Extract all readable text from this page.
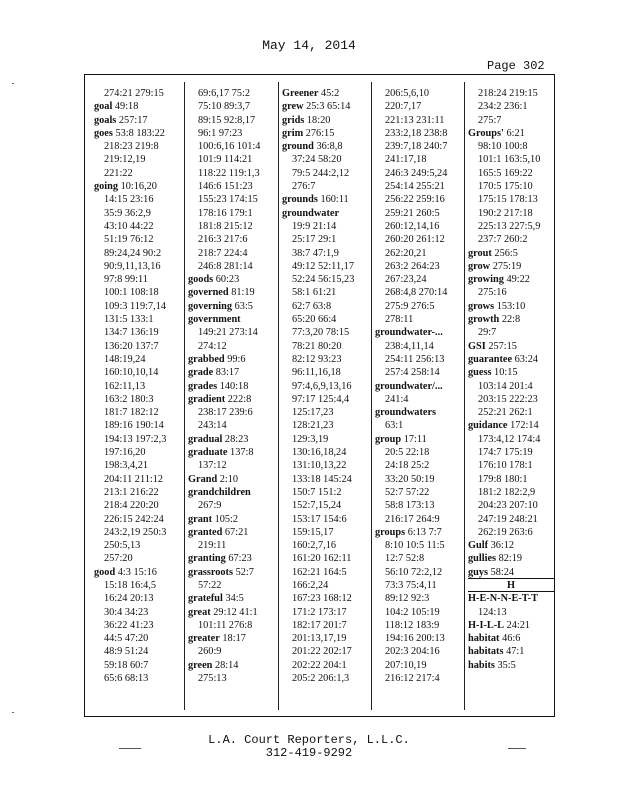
May 14, 2014
Page 302
274:21 279:15
goal 49:18
goals 257:17
goes 53:8 183:22
218:23 219:8
219:12,19
221:22
going 10:16,20
14:15 23:16
35:9 36:2,9
43:10 44:22
51:19 76:12
89:24,24 90:2
90:9,11,13,16
97:8 99:11
100:1 108:18
109:3 119:7,14
131:5 133:1
134:7 136:19
136:20 137:7
148:19,24
160:10,10,14
162:11,13
163:2 180:3
181:7 182:12
189:16 190:14
194:13 197:2,3
197:16,20
198:3,4,21
204:11 211:12
213:1 216:22
218:4 220:20
226:15 242:24
243:2,19 250:3
250:5,13
257:20
good 4:3 15:16
15:18 16:4,5
16:24 20:13
30:4 34:23
36:22 41:23
44:5 47:20
48:9 51:24
59:18 60:7
65:6 68:13
69:6,17 75:2
75:10 89:3,7
89:15 92:8,17
96:1 97:23
100:6,16 101:4
101:9 114:21
118:22 119:1,3
146:6 151:23
155:23 174:15
178:16 179:1
181:8 215:12
216:3 217:6
218:7 224:4
246:8 281:14
goods 60:23
governed 81:19
governing 63:5
government
149:21 273:14
274:12
grabbed 99:6
grade 83:17
grades 140:18
gradient 222:8
238:17 239:6
243:14
gradual 28:23
graduate 137:8
137:12
Grand 2:10
grandchildren
267:9
grant 105:2
granted 67:21
219:11
granting 67:23
grassroots 52:7
57:22
grateful 34:5
great 29:12 41:1
101:11 276:8
greater 18:17
260:9
green 28:14
275:13
Greener 45:2
grew 25:3 65:14
grids 18:20
grim 276:15
ground 36:8,8
37:24 58:20
79:5 244:2,12
276:7
grounds 160:11
groundwater
19:9 21:14
25:17 29:1
38:7 47:1,9
49:12 52:11,17
52:24 56:15,23
58:1 61:21
62:7 63:8
65:20 66:4
77:3,20 78:15
78:21 80:20
82:12 93:23
96:11,16,18
97:4,6,9,13,16
97:17 125:4,4
125:17,23
128:21,23
129:3,19
130:16,18,24
131:10,13,22
133:18 145:24
150:7 151:2
152:7,15,24
153:17 154:6
159:15,17
160:2,7,16
161:20 162:11
162:21 164:5
166:2,24
167:23 168:12
171:2 173:17
182:17 201:7
201:13,17,19
201:22 202:17
202:22 204:1
205:2 206:1,3
206:5,6,10
220:7,17
221:13 231:11
233:2,18 238:8
239:7,18 240:7
241:17,18
246:3 249:5,24
254:14 255:21
256:22 259:16
259:21 260:5
260:12,14,16
260:20 261:12
262:20,21
263:2 264:23
267:23,24
268:4,8 270:14
275:9 276:5
278:11
groundwater-...
238:4,11,14
254:11 256:13
257:4 258:14
groundwater/...
241:4
groundwaters
63:1
group 17:11
20:5 22:18
24:18 25:2
33:20 50:19
52:7 57:22
58:8 173:13
216:17 264:9
groups 6:13 7:7
8:10 10:5 11:5
12:7 52:8
56:10 72:2,12
73:3 75:4,11
89:12 92:3
104:2 105:19
118:12 183:9
194:16 200:13
202:3 204:16
207:10,19
216:12 217:4
218:24 219:15
234:2 236:1
275:7
Groups' 6:21
98:10 100:8
101:1 163:5,10
165:5 169:22
170:5 175:10
175:15 178:13
190:2 217:18
225:13 227:5,9
237:7 260:2
grout 256:5
grow 275:19
growing 49:22
275:16
grows 153:10
growth 22:8
29:7
GSI 257:15
guarantee 63:24
guess 10:15
103:14 201:4
203:15 222:23
252:21 262:1
guidance 172:14
173:4,12 174:4
174:7 175:19
176:10 178:1
179:8 180:1
181:2 182:2,9
204:23 207:10
247:19 248:21
262:19 263:6
Gulf 36:12
gullies 82:19
guys 58:24
H
H-E-N-N-E-T-T
124:13
H-I-L-L 24:21
habitat 46:6
habitats 47:1
habits 35:5
L.A. Court Reporters, L.L.C.
312-419-9292
